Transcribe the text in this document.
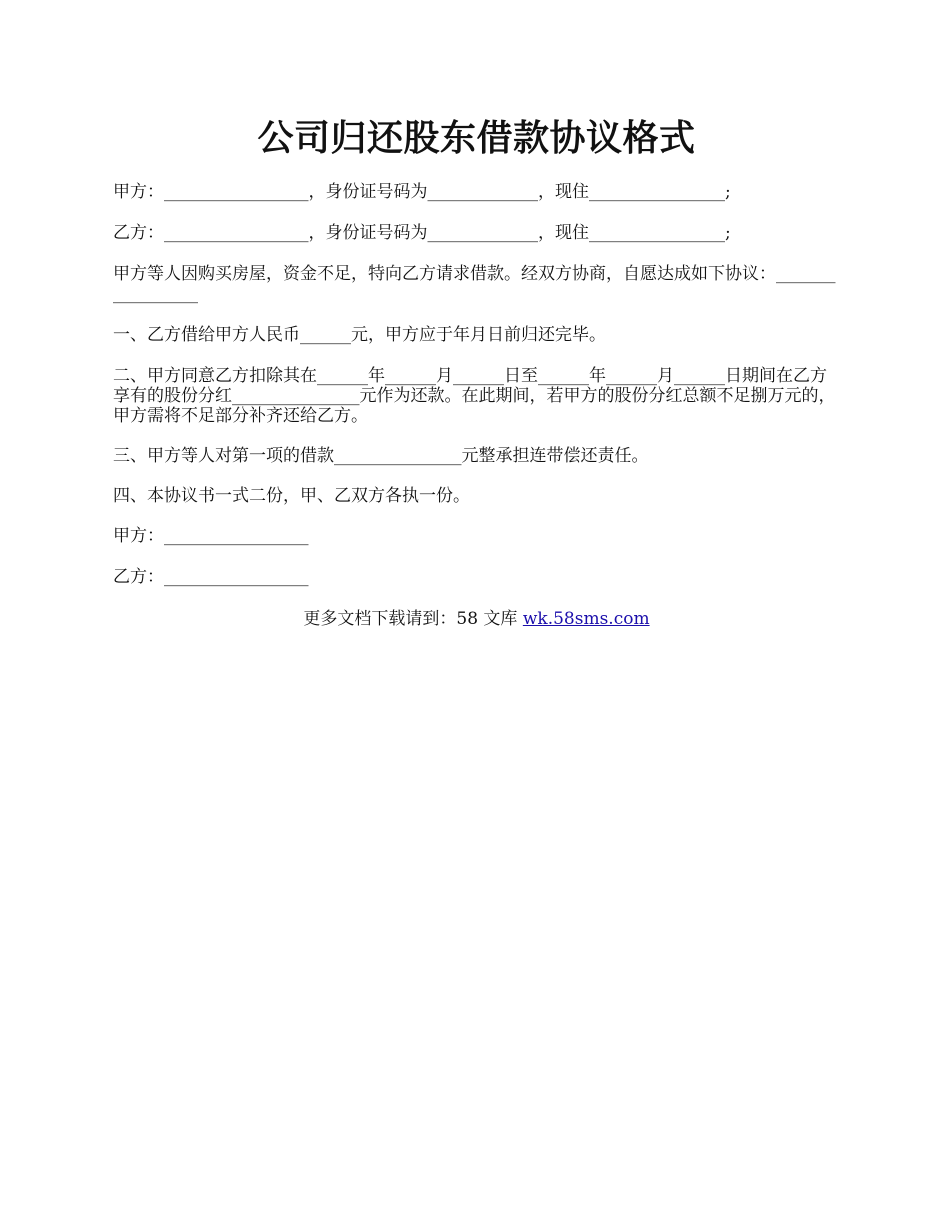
公司归还股东借款协议格式

甲方：_________________，身份证号码为_____________，现住________________;

乙方：_________________，身份证号码为_____________，现住________________;

甲方等人因购买房屋，资金不足，特向乙方请求借款。经双方协商，自愿达成如下协议：_________________

一、乙方借给甲方人民币______元，甲方应于年月日前归还完毕。

二、甲方同意乙方扣除其在______年______月______日至______年______月______日期间在乙方享有的股份分红_______________元作为还款。在此期间，若甲方的股份分红总额不足捌万元的，甲方需将不足部分补齐还给乙方。

三、甲方等人对第一项的借款_______________元整承担连带偿还责任。

四、本协议书一式二份，甲、乙双方各执一份。

甲方：_________________

乙方：_________________

更多文档下载请到：58 文库 wk.58sms.com
